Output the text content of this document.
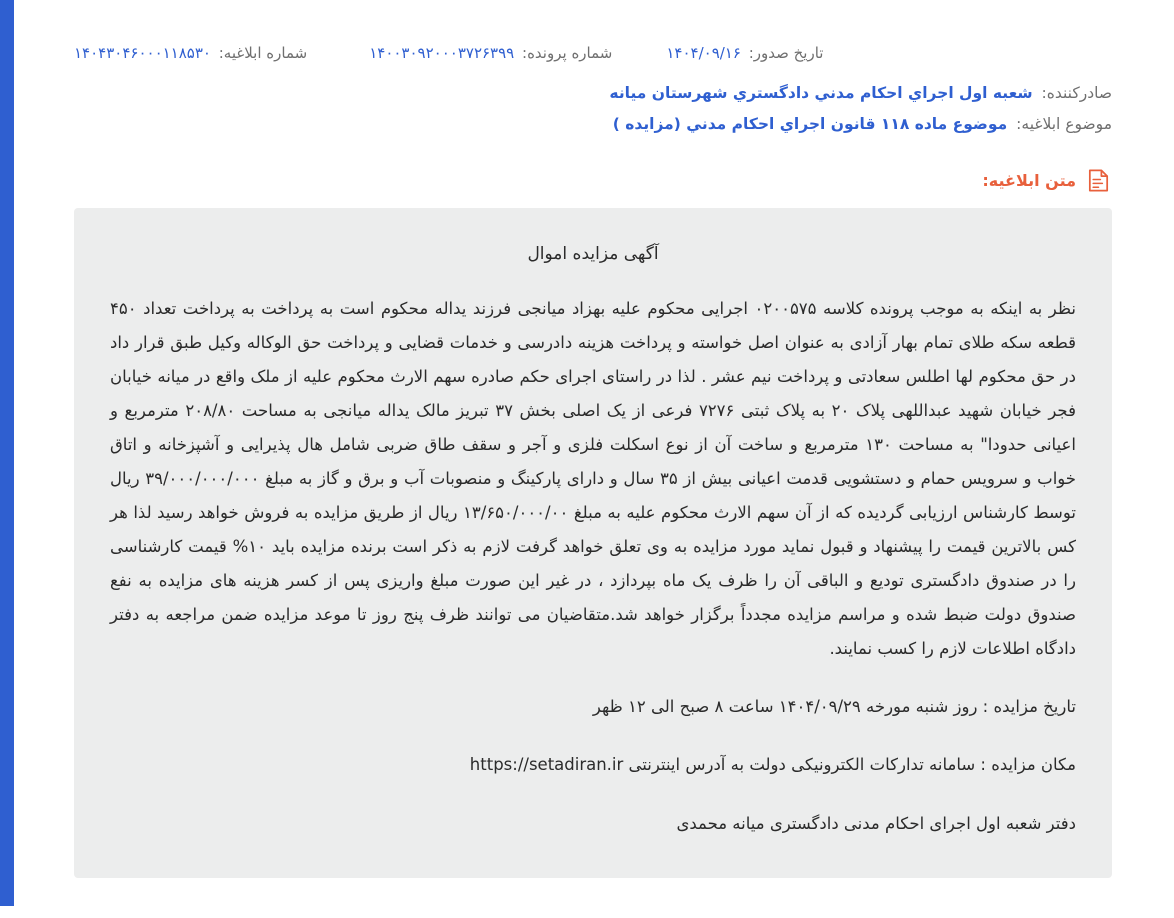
شماره ابلاغیه: ۱۴۰۴۳۰۴۶۰۰۰۱۱۸۵۳۰	شماره پرونده: ۱۴۰۰۳۰۹۲۰۰۰۳۷۲۶۳۹۹	تاریخ صدور: ۱۴۰۴/۰۹/۱۶
صادرکننده: شعبه اول اجراي احکام مدني دادگستري شهرستان میانه
موضوع ابلاغیه: موضوع ماده ۱۱۸ قانون اجراي احکام مدني (مزایده )
متن ابلاغیه:
آگهی مزایده اموال
نظر به اینکه به موجب پرونده کلاسه ۰۲۰۰۵۷۵ اجرایی محکوم علیه بهزاد میانجی فرزند یداله محکوم است به پرداخت به پرداخت تعداد ۴۵۰ قطعه سکه طلای تمام بهار آزادی به عنوان اصل خواسته و پرداخت هزینه دادرسی و خدمات قضایی و پرداخت حق الوکاله وکیل طبق قرار داد در حق محکوم لها اطلس سعادتی و پرداخت نیم عشر . لذا در راستای اجرای حکم صادره سهم الارث محکوم علیه از ملک واقع در میانه خیابان فجر خیابان شهید عبداللهی پلاک ۲۰ به پلاک ثبتی ۷۲۷۶ فرعی از یک اصلی بخش ۳۷ تبریز مالک یداله میانجی به مساحت ۲۰۸/۸۰ مترمربع و اعیانی حدودا" به مساحت ۱۳۰ مترمربع و ساخت آن از نوع اسکلت فلزی و آجر و سقف طاق ضربی شامل هال پذیرایی و آشپزخانه و اتاق خواب و سرویس حمام و دستشویی قدمت اعیانی بیش از ۳۵ سال و دارای پارکینگ و منصوبات آب و برق و گاز به مبلغ ۳۹/۰۰۰/۰۰۰/۰۰۰ ریال توسط کارشناس ارزیابی گردیده که از آن سهم الارث محکوم علیه به مبلغ ۱۳/۶۵۰/۰۰۰/۰۰ ریال از طریق مزایده به فروش خواهد رسید لذا هر کس بالاترین قیمت را پیشنهاد و قبول نماید مورد مزایده به وی تعلق خواهد گرفت لازم به ذکر است برنده مزایده باید ۱۰% قیمت کارشناسی را در صندوق دادگستری تودیع و الباقی آن را ظرف یک ماه بپردازد ، در غیر این صورت مبلغ واریزی پس از کسر هزینه های مزایده به نفع صندوق دولت ضبط شده و مراسم مزایده مجدداً برگزار خواهد شد.متقاضیان می توانند ظرف پنج روز تا موعد مزایده ضمن مراجعه به دفتر دادگاه اطلاعات لازم را کسب نمایند.
تاریخ مزایده : روز شنبه مورخه ۱۴۰۴/۰۹/۲۹ ساعت ۸ صبح الی ۱۲ ظهر
مکان مزایده : سامانه تدارکات الکترونیکی دولت به آدرس اینترنتی https://setadiran.ir
دفتر شعبه اول اجرای احکام مدنی دادگستری میانه محمدی
